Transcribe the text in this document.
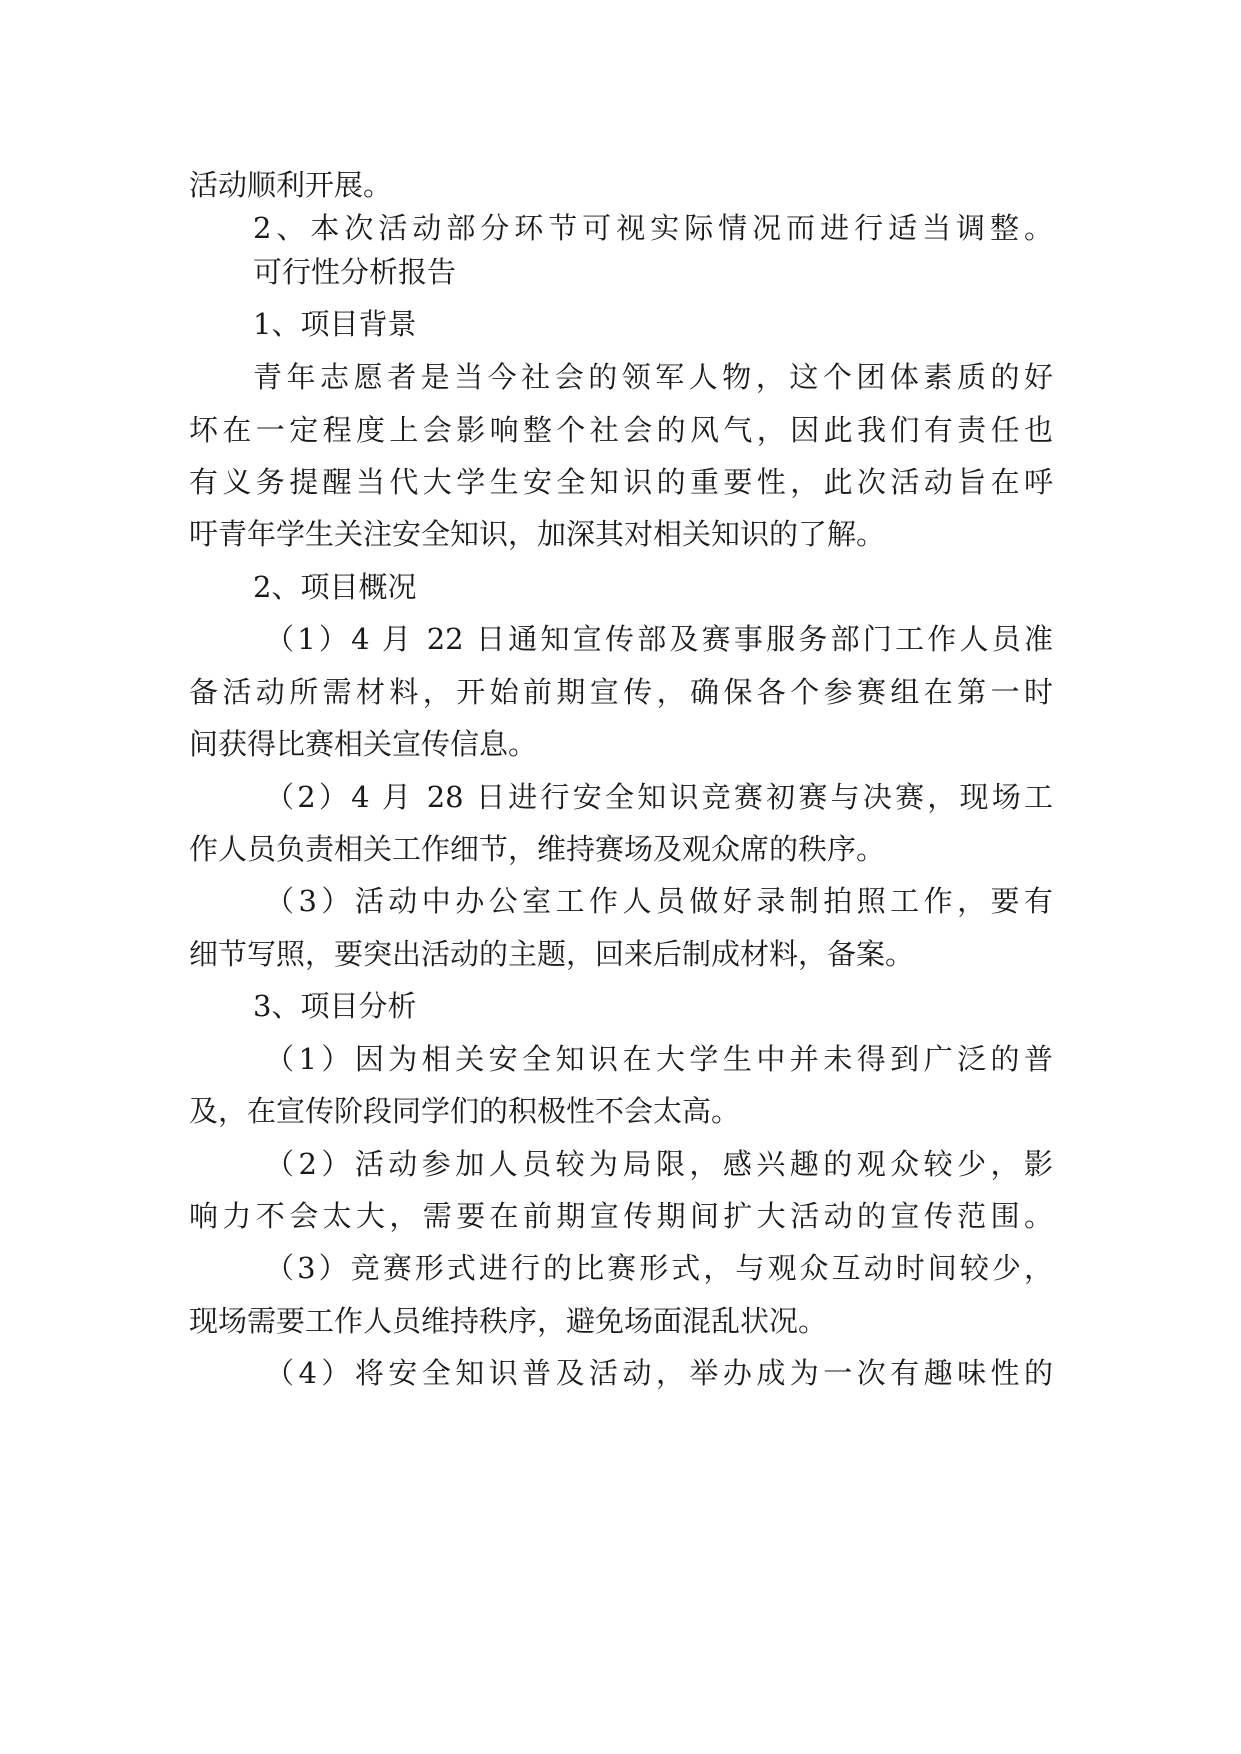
活动顺利开展。
2、本次活动部分环节可视实际情况而进行适当调整。
可行性分析报告
1、项目背景
青年志愿者是当今社会的领军人物，这个团体素质的好
坏在一定程度上会影响整个社会的风气，因此我们有责任也
有义务提醒当代大学生安全知识的重要性，此次活动旨在呼
吁青年学生关注安全知识，加深其对相关知识的了解。
2、项目概况
（1）4 月 22 日通知宣传部及赛事服务部门工作人员准
备活动所需材料，开始前期宣传，确保各个参赛组在第一时
间获得比赛相关宣传信息。
（2）4 月 28 日进行安全知识竞赛初赛与决赛，现场工
作人员负责相关工作细节，维持赛场及观众席的秩序。
（3）活动中办公室工作人员做好录制拍照工作，要有
细节写照，要突出活动的主题，回来后制成材料，备案。
3、项目分析
（1）因为相关安全知识在大学生中并未得到广泛的普
及，在宣传阶段同学们的积极性不会太高。
（2）活动参加人员较为局限，感兴趣的观众较少，影
响力不会太大，需要在前期宣传期间扩大活动的宣传范围。
（3）竞赛形式进行的比赛形式，与观众互动时间较少，
现场需要工作人员维持秩序，避免场面混乱状况。
（4）将安全知识普及活动，举办成为一次有趣味性的
